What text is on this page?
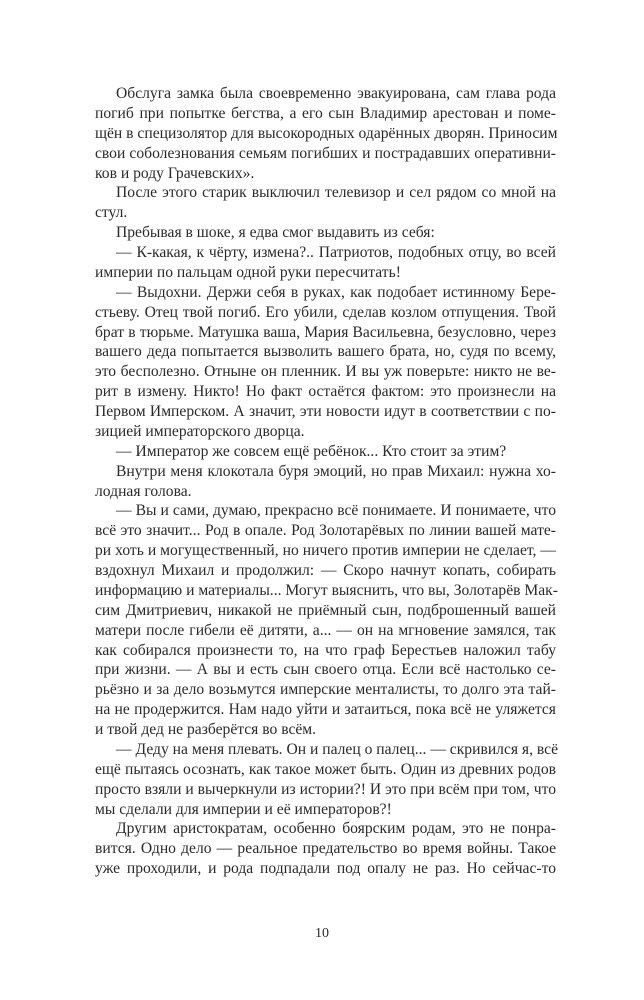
Обслуга замка была своевременно эвакуирована, сам глава рода
погиб при попытке бегства, а его сын Владимир арестован и поме-
щён в специзолятор для высокородных одарённых дворян. Приносим
свои соболезнования семьям погибших и пострадавших оперативни-
ков и роду Грачевских».
После этого старик выключил телевизор и сел рядом со мной на
стул.
Пребывая в шоке, я едва смог выдавить из себя:
— К-какая, к чёрту, измена?.. Патриотов, подобных отцу, во всей
империи по пальцам одной руки пересчитать!
— Выдохни. Держи себя в руках, как подобает истинному Бере-
стьеву. Отец твой погиб. Его убили, сделав козлом отпущения. Твой
брат в тюрьме. Матушка ваша, Мария Васильевна, безусловно, через
вашего деда попытается вызволить вашего брата, но, судя по всему,
это бесполезно. Отныне он пленник. И вы уж поверьте: никто не ве-
рит в измену. Никто! Но факт остаётся фактом: это произнесли на
Первом Имперском. А значит, эти новости идут в соответствии с по-
зицией императорского дворца.
— Император же совсем ещё ребёнок... Кто стоит за этим?
Внутри меня клокотала буря эмоций, но прав Михаил: нужна хо-
лодная голова.
— Вы и сами, думаю, прекрасно всё понимаете. И понимаете, что
всё это значит... Род в опале. Род Золотарёвых по линии вашей мате-
ри хоть и могущественный, но ничего против империи не сделает, —
вздохнул Михаил и продолжил: — Скоро начнут копать, собирать
информацию и материалы... Могут выяснить, что вы, Золотарёв Мак-
сим Дмитриевич, никакой не приёмный сын, подброшенный вашей
матери после гибели её дитяти, а... — он на мгновение замялся, так
как собирался произнести то, на что граф Берестьев наложил табу
при жизни. — А вы и есть сын своего отца. Если всё настолько се-
рьёзно и за дело возьмутся имперские менталисты, то долго эта тай-
на не продержится. Нам надо уйти и затаиться, пока всё не уляжется
и твой дед не разберётся во всём.
— Деду на меня плевать. Он и палец о палец... — скривился я, всё
ещё пытаясь осознать, как такое может быть. Один из древних родов
просто взяли и вычеркнули из истории?! И это при всём при том, что
мы сделали для империи и её императоров?!
Другим аристократам, особенно боярским родам, это не понра-
вится. Одно дело — реальное предательство во время войны. Такое
уже проходили, и рода подпадали под опалу не раз. Но сейчас-то
10
